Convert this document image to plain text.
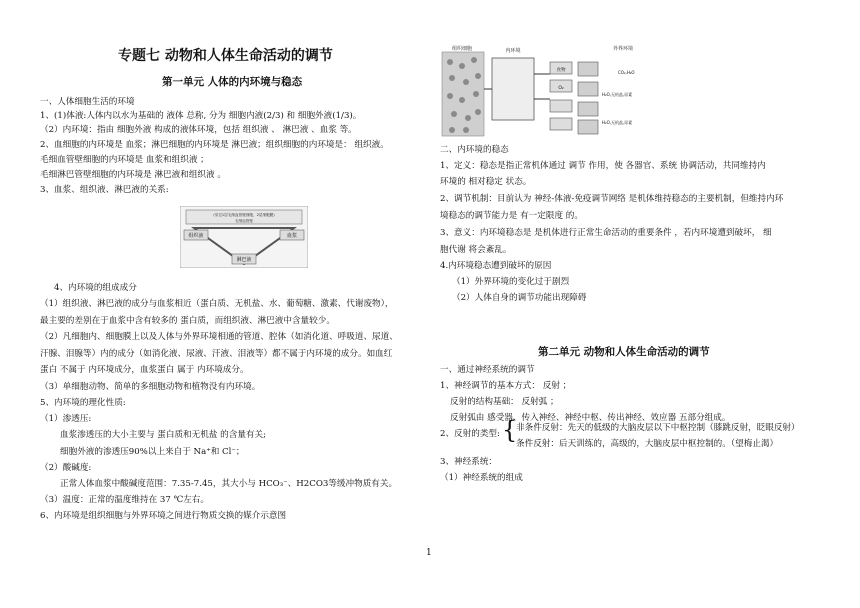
专题七 动物和人体生命活动的调节
第一单元 人体的内环境与稳态
一、人体细胞生活的环境
1、(1)体液:人体内以水为基础的 液体 总称, 分为 细胞内液(2/3) 和 细胞外液(1/3)。
（2）内环境：指由 细胞外液 构成的液体环境，包括 组织液 、 淋巴液 、血浆 等。
2、血细胞的内环境是 血浆；淋巴细胞的内环境是 淋巴液；组织细胞的内环境是： 组织液。
毛细血管壁细胞的内环境是 血浆和组织液 ；
毛细淋巴管壁细胞的内环境是 淋巴液和组织液 。
3、血浆、组织液、淋巴液的关系:
(穿过1层毛细血管壁细胞，2层细胞膜)
毛细血管壁
组织液	血浆
淋巴液
4、内环境的组成成分
（1）组织液、淋巴液的成分与血浆相近（蛋白质、无机盐、水、葡萄糖、激素、代谢废物），
最主要的差别在于血浆中含有较多的 蛋白质，而组织液、淋巴液中含量较少。
（2）凡细胞内、细胞膜上以及人体与外界环境相通的管道、腔体（如消化道、呼吸道、尿道、
汗腺、泪腺等）内的成分（如消化液、尿液、汗液、泪液等）都不属于内环境的成分。如血红
蛋白 不属于 内环境成分，血浆蛋白 属于 内环境成分。
（3）单细胞动物、简单的多细胞动物和植物没有内环境。
5、内环境的理化性质:
（1）渗透压:
血浆渗透压的大小主要与 蛋白质和无机盐 的含量有关;
细胞外液的渗透压90%以上来自于 Na⁺和 Cl⁻；
（2）酸碱度:
正常人体血浆中酸碱度范围：7.35-7.45，其大小与 HCO₃⁻、H2CO3等缓冲物质有关。
（3）温度：正常的温度维持在 37 ℃左右。
6、内环境是组织细胞与外界环境之间进行物质交换的媒介示意图
组织细胞	内环境	外界环境
食物
O₂
CO₂,H₂O
H₂O,无机盐,尿素
H₂O,无机盐,尿素
二、内环境的稳态
1、定义：稳态是指正常机体通过 调节 作用，使 各器官、系统 协调活动，共同维持内
环境的 相对稳定 状态。
2、调节机制：目前认为 神经-体液-免疫调节网络 是机体维持稳态的主要机制，但维持内环
境稳态的调节能力是 有一定限度 的。
3、意义：内环境稳态是 是机体进行正常生命活动的重要条件 ，若内环境遭到破坏， 细
胞代谢 将会紊乱。
4.内环境稳态遭到破坏的原因
（1）外界环境的变化过于剧烈
（2）人体自身的调节功能出现障碍
第二单元 动物和人体生命活动的调节
一、通过神经系统的调节
1、神经调节的基本方式： 反射 ；
反射的结构基础： 反射弧 ；
反射弧由 感受器、传入神经、神经中枢、传出神经、效应器 五部分组成。
2、反射的类型: {
非条件反射：先天的低级的大脑皮层以下中枢控制（膝跳反射，眨眼反射）
条件反射：后天训练的，高级的，大脑皮层中枢控制的。（望梅止渴）
3、神经系统：
（1）神经系统的组成
1
